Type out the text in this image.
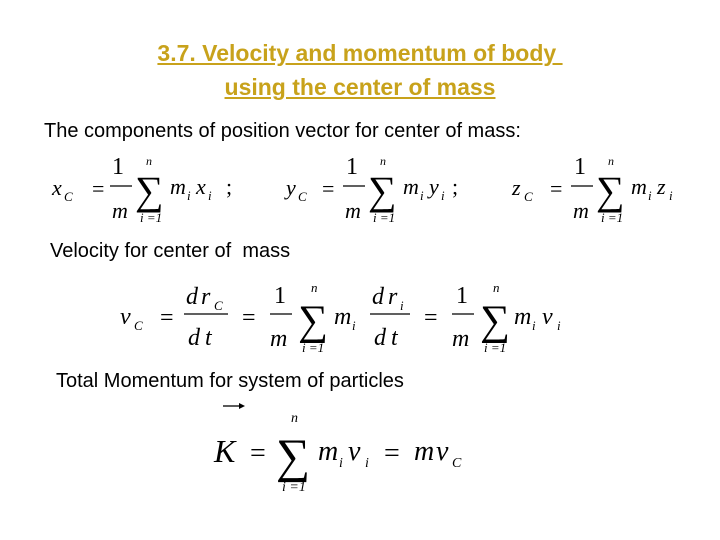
3.7. Velocity and momentum of body
using the center of mass
The components of position vector for center of mass:
Velocity for center of  mass
Total Momentum for system of particles
x C =
1
m
n
∑
i =1
m i x i ; y C =
1
m
n
∑
i =1
m i y i ; z C =
1
m
n
∑
i =1
m i z i
v C =
d r C
d t
=
1
m
n
∑
i =1
m i
d r i
d t
=
1
m
n
∑
i =1
m i v i
K =
n
∑
i =1
m i v i = m v C
